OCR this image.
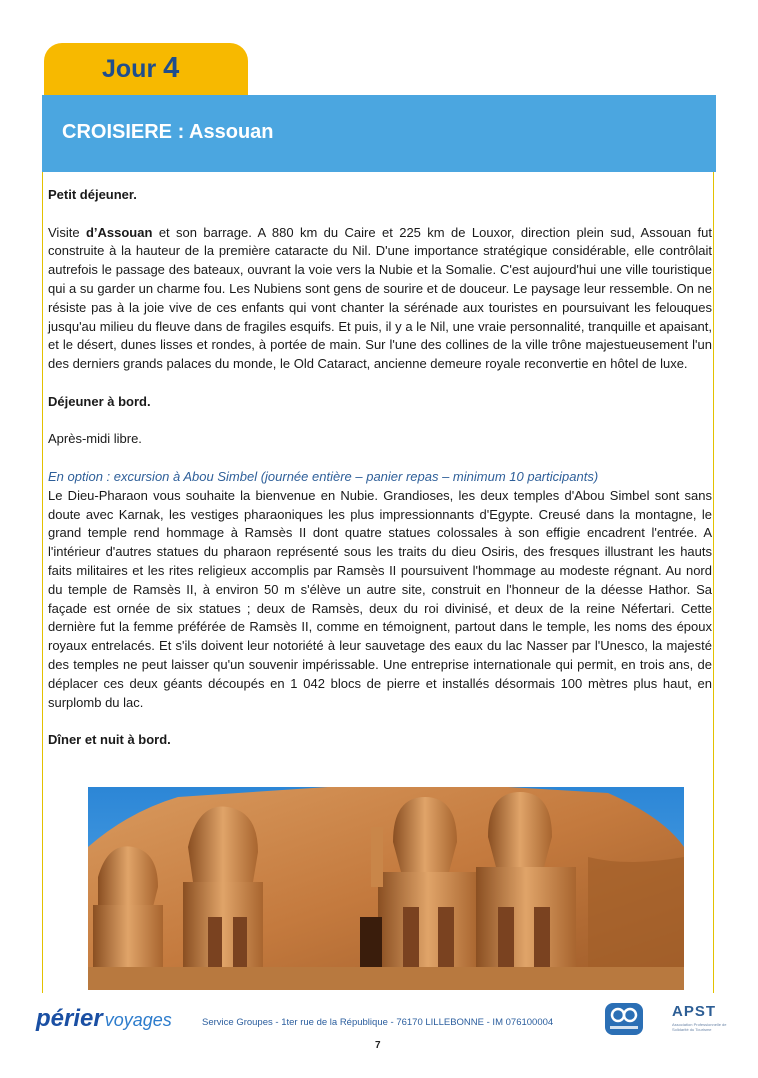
Jour 4
CROISIERE : Assouan

Petit déjeuner.

Visite d’Assouan et son barrage. A 880 km du Caire et 225 km de Louxor, direction plein sud, Assouan fut construite à la hauteur de la première cataracte du Nil. D'une importance stratégique considérable, elle contrôlait autrefois le passage des bateaux, ouvrant la voie vers la Nubie et la Somalie. C'est aujourd'hui une ville touristique qui a su garder un charme fou. Les Nubiens sont gens de sourire et de douceur. Le paysage leur ressemble. On ne résiste pas à la joie vive de ces enfants qui vont chanter la sérénade aux touristes en poursuivant les felouques jusqu'au milieu du fleuve dans de fragiles esquifs. Et puis, il y a le Nil, une vraie personnalité, tranquille et apaisant, et le désert, dunes lisses et rondes, à portée de main. Sur l'une des collines de la ville trône majestueusement l'un des derniers grands palaces du monde, le Old Cataract, ancienne demeure royale reconvertie en hôtel de luxe.

Déjeuner à bord.

Après-midi libre.

En option : excursion à Abou Simbel (journée entière – panier repas – minimum 10 participants)

Le Dieu-Pharaon vous souhaite la bienvenue en Nubie. Grandioses, les deux temples d'Abou Simbel sont sans doute avec Karnak, les vestiges pharaoniques les plus impressionnants d'Egypte. Creusé dans la montagne, le grand temple rend hommage à Ramsès II dont quatre statues colossales à son effigie encadrent l'entrée. A l'intérieur d'autres statues du pharaon représenté sous les traits du dieu Osiris, des fresques illustrant les hauts faits militaires et les rites religieux accomplis par Ramsès II poursuivent l'hommage au modeste régnant. Au nord du temple de Ramsès II, à environ 50 m s'élève un autre site, construit en l'honneur de la déesse Hathor. Sa façade est ornée de six statues ; deux de Ramsès, deux du roi divinisé, et deux de la reine Néfertari. Cette dernière fut la femme préférée de Ramsès II, comme en témoignent, partout dans le temple, les noms des époux royaux entrelacés. Et s'ils doivent leur notoriété à leur sauvetage des eaux du lac Nasser par l'Unesco, la majesté des temples ne peut laisser qu'un souvenir impérissable. Une entreprise internationale qui permit, en trois ans, de déplacer ces deux géants découpés en 1 042 blocs de pierre et installés désormais 100 mètres plus haut, en surplomb du lac.

Dîner et nuit à bord.

périer voyages	Service Groupes - 1ter rue de la République - 76170 LILLEBONNE - IM 076100004
7
APST
Association Professionnelle de Solidarité du Tourisme
